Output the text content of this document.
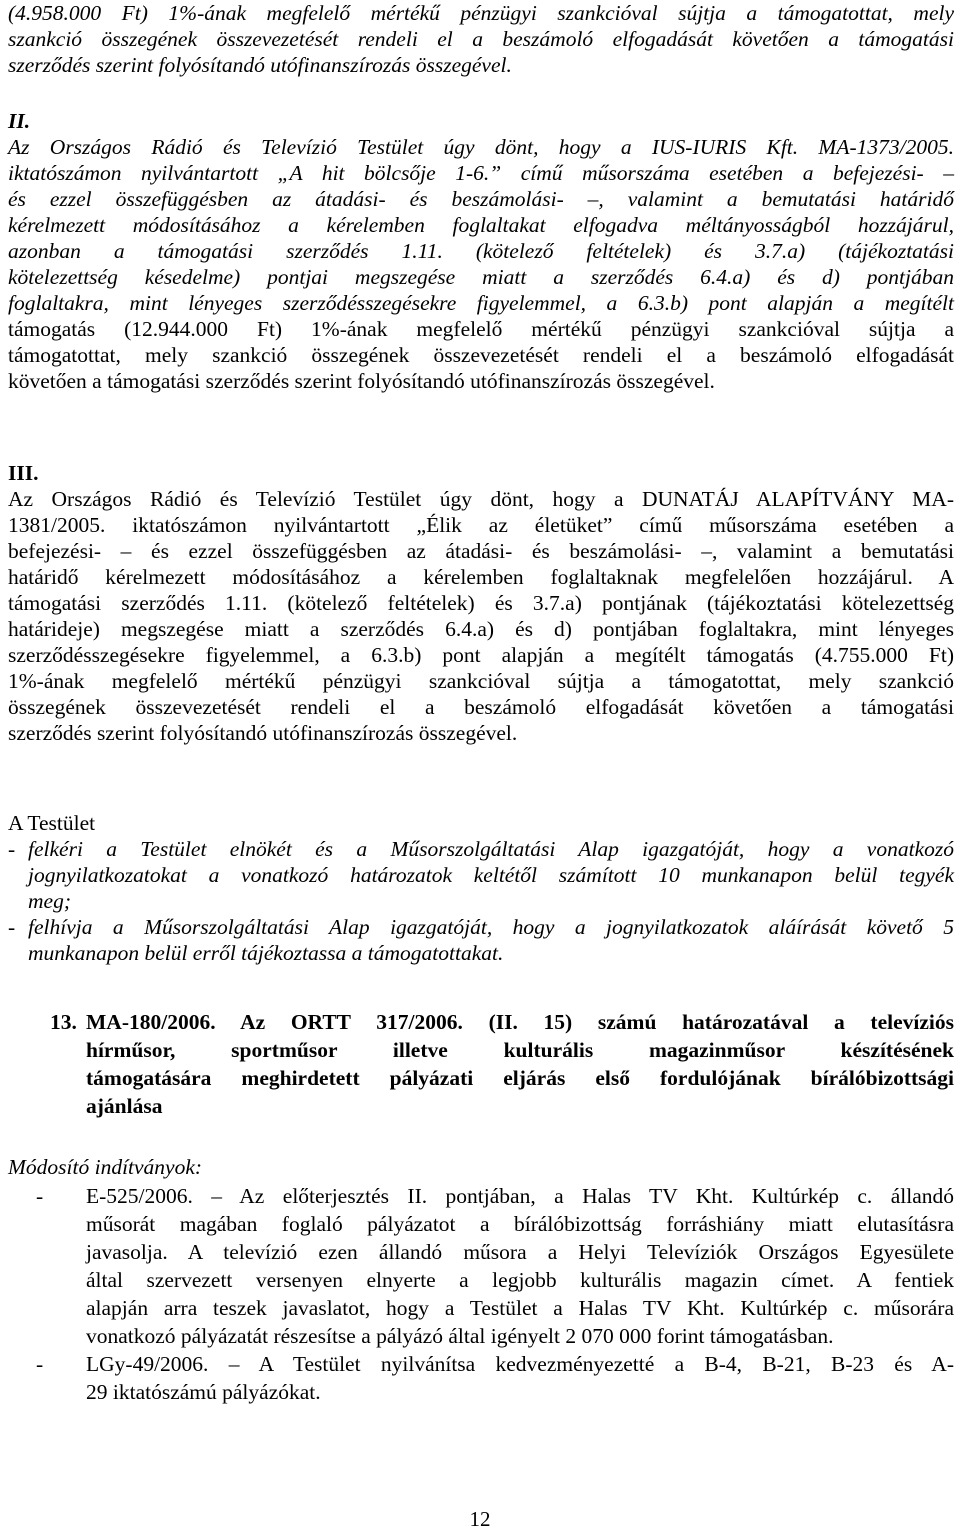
(4.958.000 Ft) 1%-ának megfelelő mértékű pénzügyi szankcióval sújtja a támogatottat, mely
szankció összegének összevezetését rendeli el a beszámoló elfogadását követően a támogatási
szerződés szerint folyósítandó utófinanszírozás összegével.
II.
Az Országos Rádió és Televízió Testület úgy dönt, hogy a IUS-IURIS Kft. MA-1373/2005.
iktatószámon nyilvántartott „A hit bölcsője 1-6.” című műsorszáma esetében a befejezési- –
és ezzel összefüggésben az átadási- és beszámolási- –, valamint a bemutatási határidő
kérelmezett módosításához a kérelemben foglaltakat elfogadva méltányosságból hozzájárul,
azonban a támogatási szerződés 1.11. (kötelező feltételek) és 3.7.a) (tájékoztatási
kötelezettség késedelme) pontjai megszegése miatt a szerződés 6.4.a) és d) pontjában
foglaltakra, mint lényeges szerződésszegésekre figyelemmel, a 6.3.b) pont alapján a megítélt
támogatás (12.944.000 Ft) 1%-ának megfelelő mértékű pénzügyi szankcióval sújtja a
támogatottat, mely szankció összegének összevezetését rendeli el a beszámoló elfogadását
követően a támogatási szerződés szerint folyósítandó utófinanszírozás összegével.
III.
Az Országos Rádió és Televízió Testület úgy dönt, hogy a DUNATÁJ ALAPÍTVÁNY MA-
1381/2005. iktatószámon nyilvántartott „Élik az életüket” című műsorszáma esetében a
befejezési- – és ezzel összefüggésben az átadási- és beszámolási- –, valamint a bemutatási
határidő kérelmezett módosításához a kérelemben foglaltaknak megfelelően hozzájárul. A
támogatási szerződés 1.11. (kötelező feltételek) és 3.7.a) pontjának (tájékoztatási kötelezettség
határideje) megszegése miatt a szerződés 6.4.a) és d) pontjában foglaltakra, mint lényeges
szerződésszegésekre figyelemmel, a 6.3.b) pont alapján a megítélt támogatás (4.755.000 Ft)
1%-ának megfelelő mértékű pénzügyi szankcióval sújtja a támogatottat, mely szankció
összegének összevezetését rendeli el a beszámoló elfogadását követően a támogatási
szerződés szerint folyósítandó utófinanszírozás összegével.
A Testület
- felkéri a Testület elnökét és a Műsorszolgáltatási Alap igazgatóját, hogy a vonatkozó
jognyilatkozatokat a vonatkozó határozatok keltétől számított 10 munkanapon belül tegyék
meg;
- felhívja a Műsorszolgáltatási Alap igazgatóját, hogy a jognyilatkozatok aláírását követő 5
munkanapon belül erről tájékoztassa a támogatottakat.
13. MA-180/2006. Az ORTT 317/2006. (II. 15) számú határozatával a televíziós
hírműsor, sportműsor illetve kulturális magazinműsor készítésének
támogatására meghirdetett pályázati eljárás első fordulójának bírálóbizottsági
ajánlása
Módosító indítványok:
- E-525/2006. – Az előterjesztés II. pontjában, a Halas TV Kht. Kultúrkép c. állandó
műsorát magában foglaló pályázatot a bírálóbizottság forráshiány miatt elutasításra
javasolja. A televízió ezen állandó műsora a Helyi Televíziók Országos Egyesülete
által szervezett versenyen elnyerte a legjobb kulturális magazin címet. A fentiek
alapján arra teszek javaslatot, hogy a Testület a Halas TV Kht. Kultúrkép c. műsorára
vonatkozó pályázatát részesítse a pályázó által igényelt 2 070 000 forint támogatásban.
- LGy-49/2006. – A Testület nyilvánítsa kedvezményezetté a B-4, B-21, B-23 és A-
29 iktatószámú pályázókat.
12
